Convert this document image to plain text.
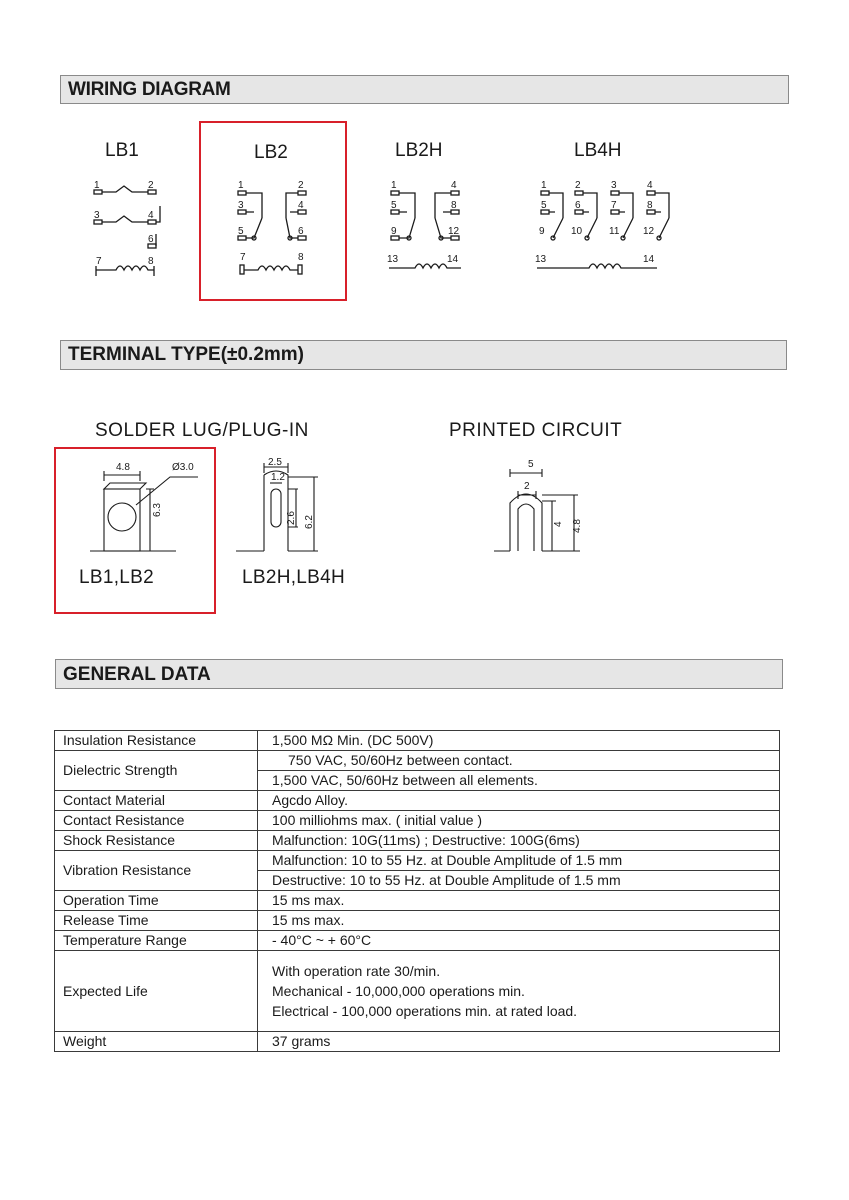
WIRING DIAGRAM
LB1	LB2	LB2H	LB4H
1	2
3	4
6
7	8
1	2
3	4
5	6
7	8
1	4
5	8
9	12
13	14
1	2	3	4
5	6	7	8
9	10	11 12
13	14
TERMINAL TYPE(±0.2mm)
SOLDER LUG/PLUG-IN	PRINTED CIRCUIT
4.8	Ø3.0
6.3
LB1,LB2
2.5
1.2
2.6 6.2
LB2H,LB4H
5
2
4 4.8
GENERAL DATA
Insulation Resistance	1,500 MΩ Min. (DC 500V)
Dielectric Strength	750 VAC, 50/60Hz between contact.
	1,500 VAC, 50/60Hz between all elements.
Contact Material	Agcdo Alloy.
Contact Resistance	100 milliohms max. ( initial value )
Shock Resistance	Malfunction: 10G(11ms) ; Destructive: 100G(6ms)
Vibration Resistance	Malfunction: 10 to 55 Hz. at Double Amplitude of 1.5 mm
	Destructive: 10 to 55 Hz. at Double Amplitude of 1.5 mm
Operation Time	15 ms max.
Release Time	15 ms max.
Temperature Range	- 40°C ~ + 60°C
Expected Life	With operation rate 30/min.
Mechanical - 10,000,000 operations min.
Electrical - 100,000 operations min. at rated load.

Weight	37 grams
